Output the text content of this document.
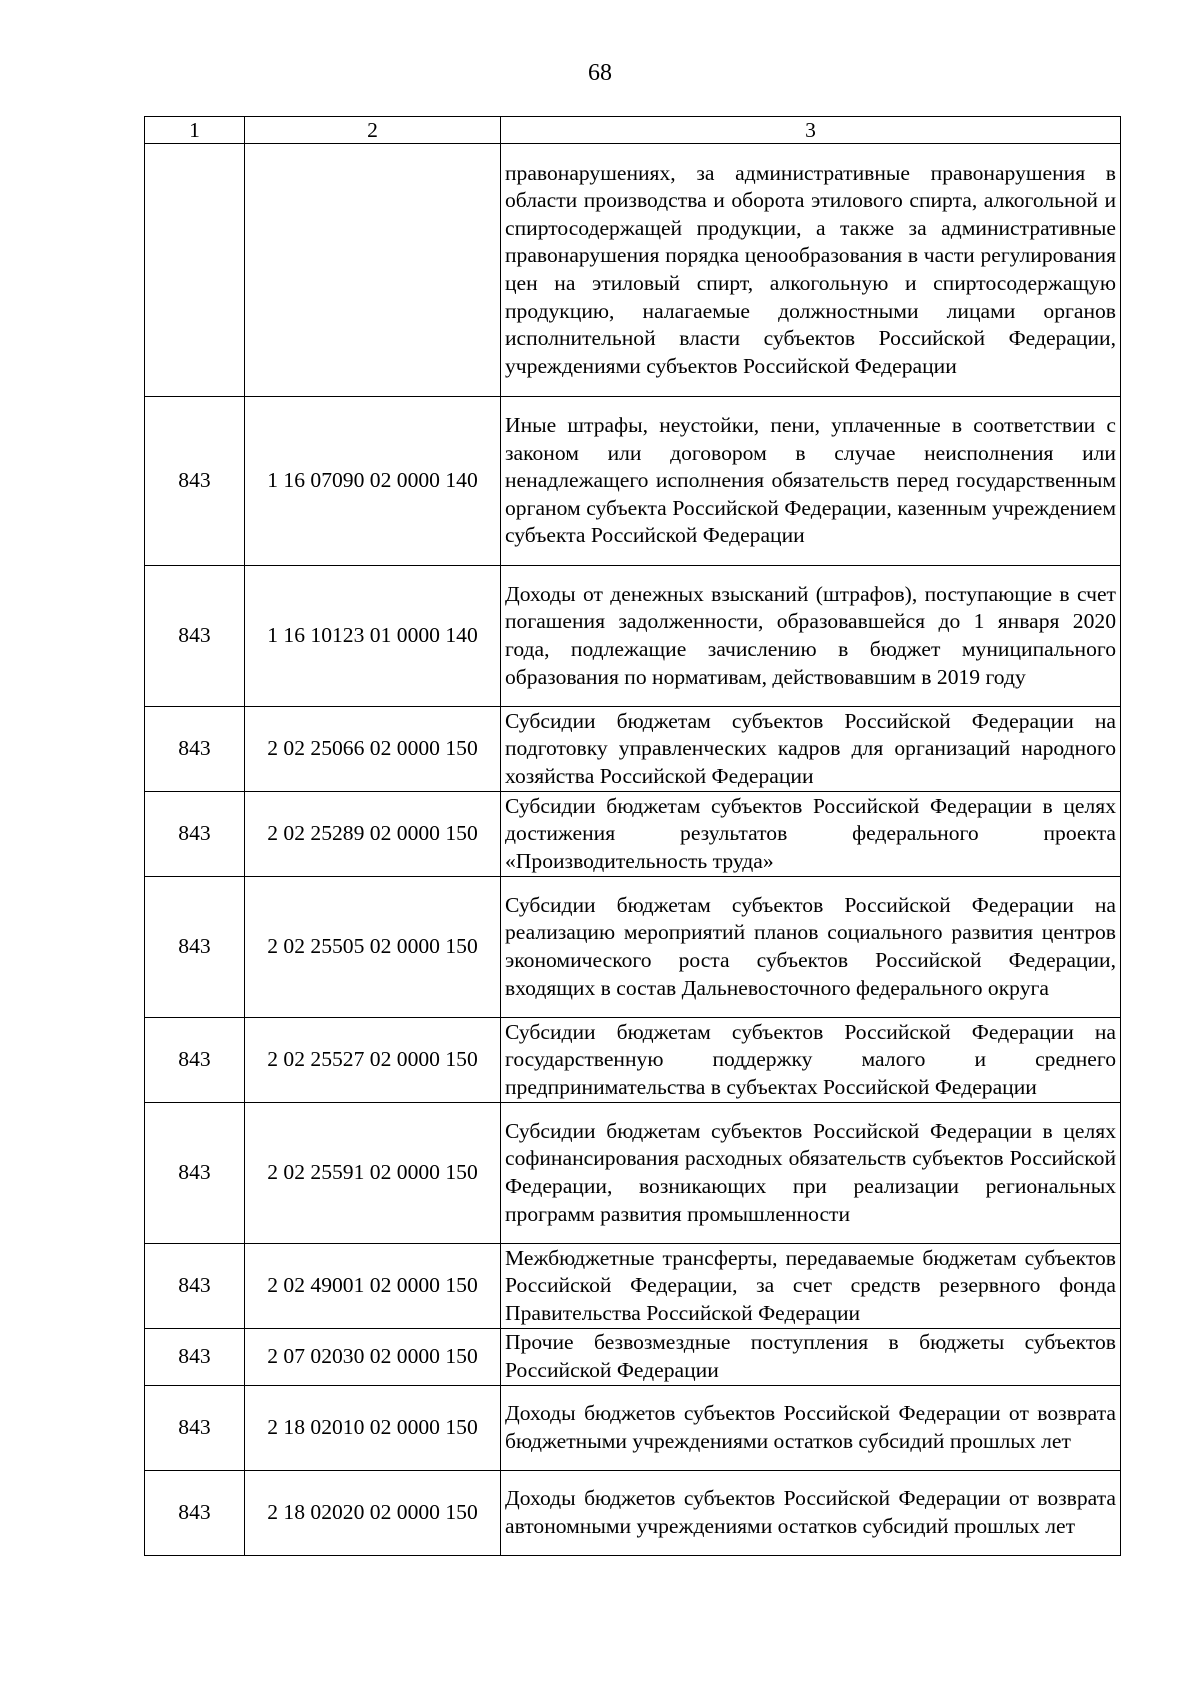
68
1	2	3
		правонарушениях, за административные правонарушения в области производства и оборота этилового спирта, алкогольной и спиртосодержащей продукции, а также за административные правонарушения порядка ценообразования в части регулирования цен на этиловый спирт, алкогольную и спиртосодержащую продукцию, налагаемые должностными лицами органов исполнительной власти субъектов Российской Федерации, учреждениями субъектов Российской Федерации
843	1 16 07090 02 0000 140	Иные штрафы, неустойки, пени, уплаченные в соответствии с законом или договором в случае неисполнения или ненадлежащего исполнения обязательств перед государственным органом субъекта Российской Федерации, казенным учреждением субъекта Российской Федерации
843	1 16 10123 01 0000 140	Доходы от денежных взысканий (штрафов), поступающие в счет погашения задолженности, образовавшейся до 1 января 2020 года, подлежащие зачислению в бюджет муниципального образования по нормативам, действовавшим в 2019 году
843	2 02 25066 02 0000 150	Субсидии бюджетам субъектов Российской Федерации на подготовку управленческих кадров для организаций народного хозяйства Российской Федерации
843	2 02 25289 02 0000 150	Субсидии бюджетам субъектов Российской Федерации в целях достижения результатов федерального проекта «Производительность труда»
843	2 02 25505 02 0000 150	Субсидии бюджетам субъектов Российской Федерации на реализацию мероприятий планов социального развития центров экономического роста субъектов Российской Федерации, входящих в состав Дальневосточного федерального округа
843	2 02 25527 02 0000 150	Субсидии бюджетам субъектов Российской Федерации на государственную поддержку малого и среднего предпринимательства в субъектах Российской Федерации
843	2 02 25591 02 0000 150	Субсидии бюджетам субъектов Российской Федерации в целях софинансирования расходных обязательств субъектов Российской Федерации, возникающих при реализации региональных программ развития промышленности
843	2 02 49001 02 0000 150	Межбюджетные трансферты, передаваемые бюджетам субъектов Российской Федерации, за счет средств резервного фонда Правительства Российской Федерации
843	2 07 02030 02 0000 150	Прочие безвозмездные поступления в бюджеты субъектов Российской Федерации
843	2 18 02010 02 0000 150	Доходы бюджетов субъектов Российской Федерации от возврата бюджетными учреждениями остатков субсидий прошлых лет
843	2 18 02020 02 0000 150	Доходы бюджетов субъектов Российской Федерации от возврата автономными учреждениями остатков субсидий прошлых лет
